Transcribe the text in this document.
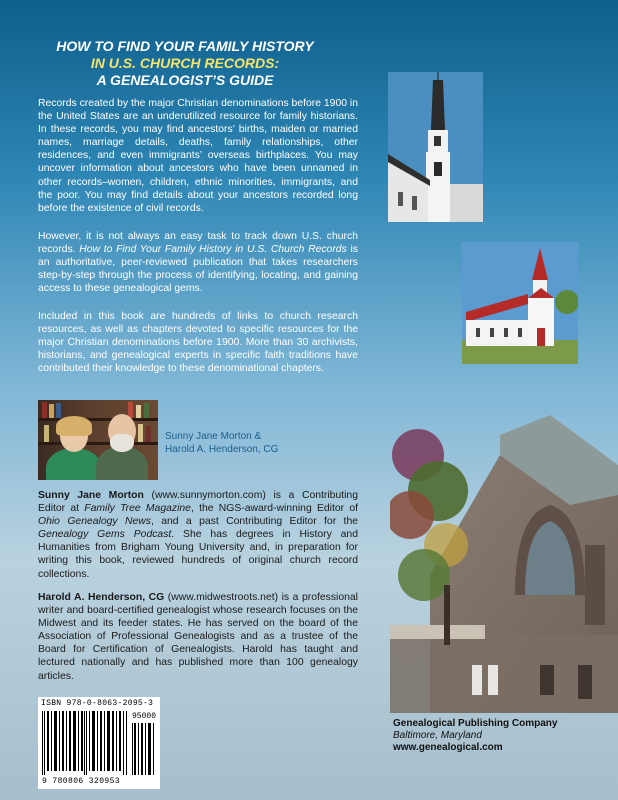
HOW TO FIND YOUR FAMILY HISTORY
IN U.S. CHURCH RECORDS:
A GENEALOGIST’S GUIDE

Records created by the major Christian denominations before 1900 in the United States are an underutilized resource for family historians. In these records, you may find ancestors’ births, maiden or married names, marriage details, deaths, family relationships, other residences, and even immigrants’ overseas birthplaces. You may uncover information about ancestors who have been unnamed in other records–women, children, ethnic minorities, immigrants, and the poor. You may find details about your ancestors recorded long before the existence of civil records.

However, it is not always an easy task to track down U.S. church records. How to Find Your Family History in U.S. Church Records is an authoritative, peer-reviewed publication that takes researchers step-by-step through the process of identifying, locating, and gaining access to these genealogical gems.

Included in this book are hundreds of links to church research resources, as well as chapters devoted to specific resources for the major Christian denominations before 1900. More than 30 archivists, historians, and genealogical experts in specific faith traditions have contributed their knowledge to these denominational chapters.

Sunny Jane Morton &
Harold A. Henderson, CG

Sunny Jane Morton (www.sunnymorton.com) is a Contributing Editor at Family Tree Magazine, the NGS-award-winning Editor of Ohio Genealogy News, and a past Contributing Editor for the Genealogy Gems Podcast. She has degrees in History and Humanities from Brigham Young University and, in preparation for writing this book, reviewed hundreds of original church record collections.

Harold A. Henderson, CG (www.midwestroots.net) is a professional writer and board-certified genealogist whose research focuses on the Midwest and its feeder states. He has served on the board of the Association of Professional Genealogists and as a trustee of the Board for Certification of Genealogists. Harold has taught and lectured nationally and has published more than 100 genealogy articles.

ISBN 978-0-8063-2095-3
95000
9 780806 320953
Genealogical Publishing Company
Baltimore, Maryland
www.genealogical.com
